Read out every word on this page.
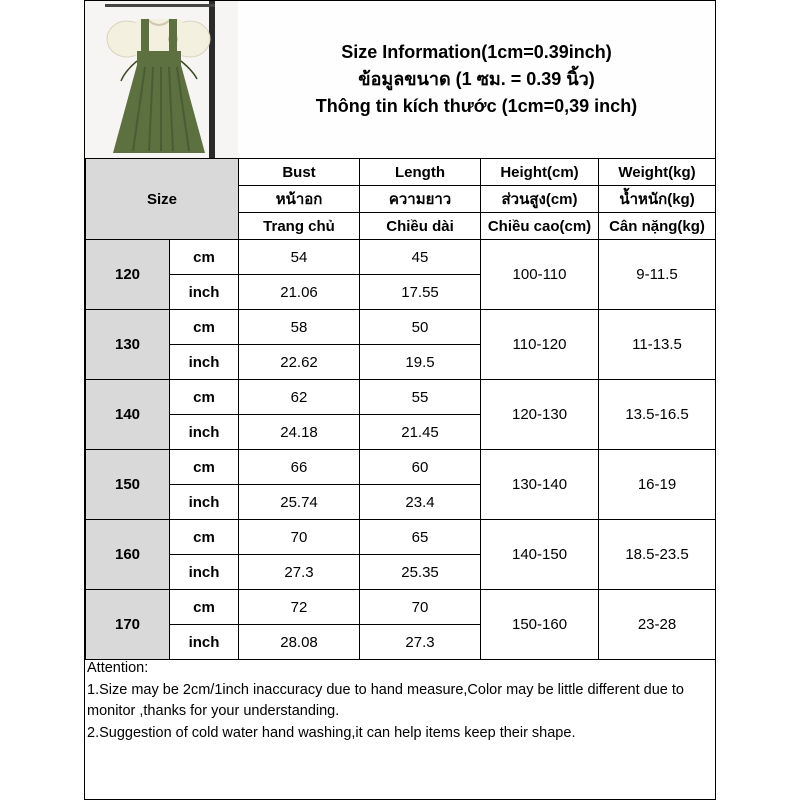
Size Information(1cm=0.39inch)
ข้อมูลขนาด (1 ซม. = 0.39 นิ้ว)
Thông tin kích thước (1cm=0,39 inch)
Size		Bust	Length	Height(cm)	Weight(kg)
		หน้าอก	ความยาว	ส่วนสูง(cm)	น้ำหนัก(kg)
		Trang chủ	Chiều dài	Chiều cao(cm)	Cân nặng(kg)
120	cm	54	45	100-110	9-11.5
	inch	21.06	17.55		
130	cm	58	50	110-120	11-13.5
	inch	22.62	19.5		
140	cm	62	55	120-130	13.5-16.5
	inch	24.18	21.45		
150	cm	66	60	130-140	16-19
	inch	25.74	23.4		
160	cm	70	65	140-150	18.5-23.5
	inch	27.3	25.35		
170	cm	72	70	150-160	23-28
	inch	28.08	27.3		
Attention:
1.Size may be 2cm/1inch inaccuracy due to hand measure,Color may be little different due to monitor ,thanks for your understanding.
2.Suggestion of cold water hand washing,it can help items keep their shape.
